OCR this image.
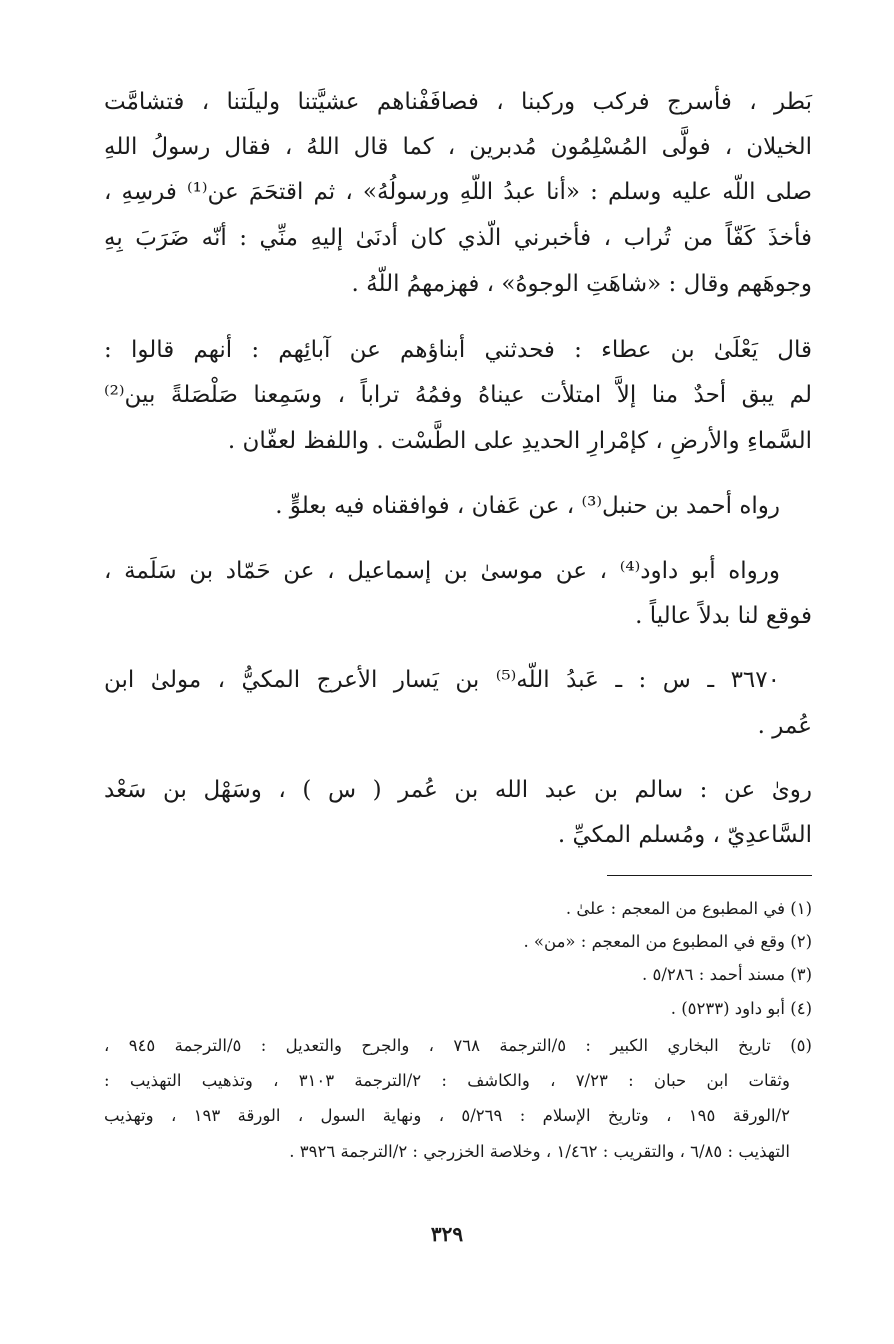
بَطر ، فأسرج فركب وركبنا ، فصافَفْناهم عشيَّتنا وليلَتنا ، فتشامَّت
الخيلان ، فولَّى المُسْلِمُون مُدبرين ، كما قال اللهُ ، فقال رسولُ اللهِ
صلى اللّه عليه وسلم : «أنا عبدُ اللّهِ ورسولُهُ» ، ثم اقتحَمَ عن⁽¹⁾ فرسِهِ ،
فأخذَ كَفّاً من تُراب ، فأخبرني الّذي كان أدنَىٰ إليهِ منِّي : أنّه ضَرَبَ بِهِ
وجوهَهم وقال : «شاهَتِ الوجوهُ» ، فهزمهمُ اللّهُ .
قال يَعْلَىٰ بن عطاء : فحدثني أبناؤهم عن آبائِهم : أنهم قالوا :
لم يبق أحدٌ منا إلاَّ امتلأت عيناهُ وفمُهُ تراباً ، وسَمِعنا صَلْصَلةً بين⁽²⁾
السَّماءِ والأرضِ ، كإمْرارِ الحديدِ على الطَّسْت . واللفظ لعفّان .
رواه أحمد بن حنبل⁽³⁾ ، عن عَفان ، فوافقناه فيه بعلوٍّ .
ورواه أبو داود⁽⁴⁾ ، عن موسىٰ بن إسماعيل ، عن حَمّاد بن سَلَمة ،
فوقع لنا بدلاً عالياً .
٣٦٧٠ ـ س : ـ عَبدُ اللّه⁽⁵⁾ بن يَسار الأعرج المكيُّ ، مولىٰ ابن
عُمر .
روىٰ عن : سالم بن عبد الله بن عُمر ( س ) ، وسَهْل بن سَعْد
السَّاعدِيّ ، ومُسلم المكيِّ .
(١) في المطبوع من المعجم : علىٰ .
(٢) وقع في المطبوع من المعجم : «من» .
(٣) مسند أحمد : ٥/٢٨٦ .
(٤) أبو داود (٥٢٣٣) .
(٥) تاريخ البخاري الكبير : ٥/الترجمة ٧٦٨ ، والجرح والتعديل : ٥/الترجمة ٩٤٥ ،
وثقات ابن حبان : ٧/٢٣ ، والكاشف : ٢/الترجمة ٣١٠٣ ، وتذهيب التهذيب :
٢/الورقة ١٩٥ ، وتاريخ الإسلام : ٥/٢٦٩ ، ونهاية السول ، الورقة ١٩٣ ، وتهذيب
التهذيب : ٦/٨٥ ، والتقريب : ١/٤٦٢ ، وخلاصة الخزرجي : ٢/الترجمة ٣٩٢٦ .
٣٢٩
